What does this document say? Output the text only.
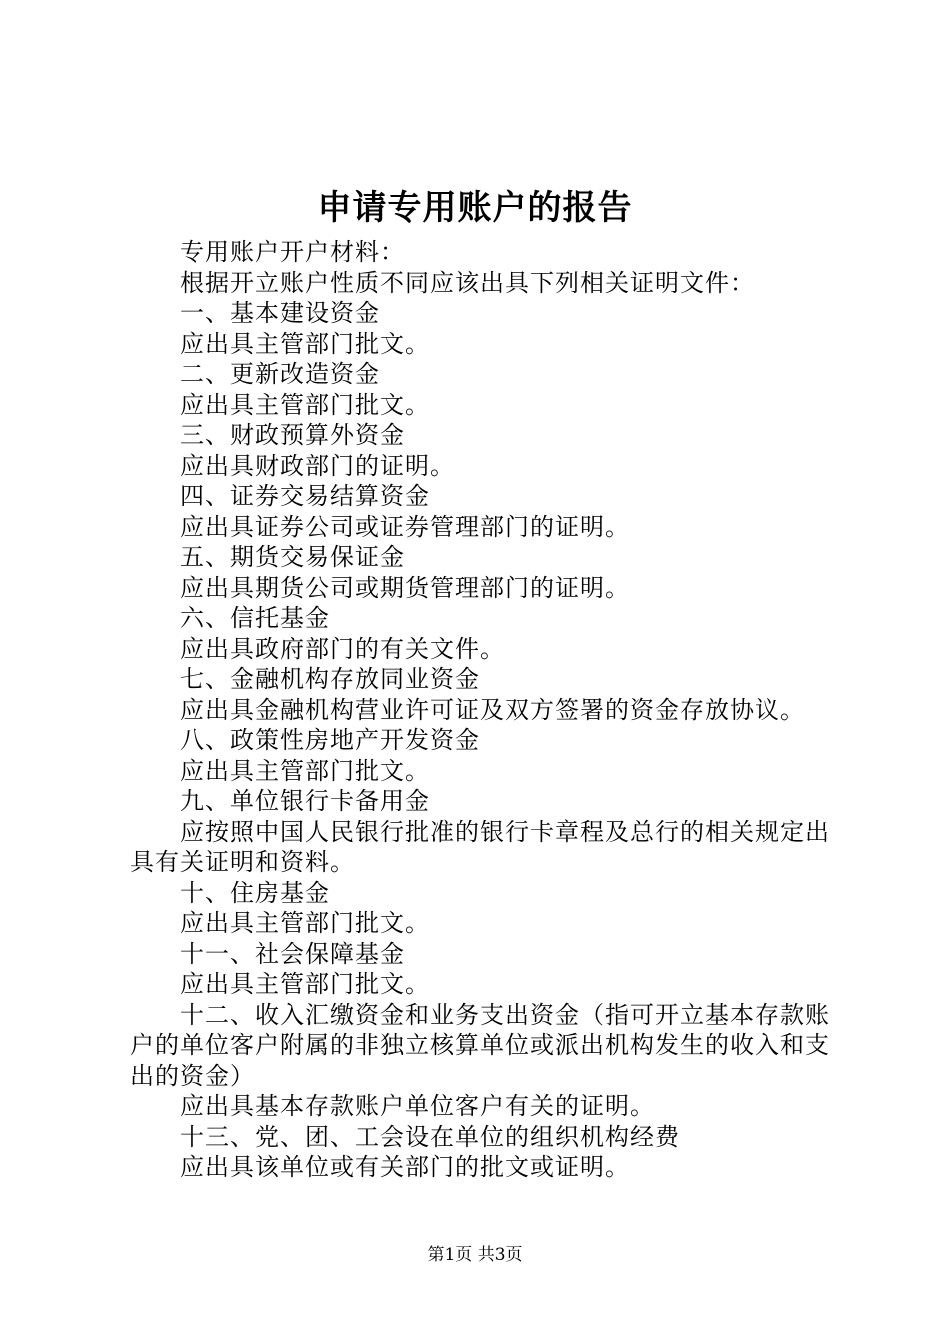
申请专用账户的报告

专用账户开户材料：

根据开立账户性质不同应该出具下列相关证明文件：

一、基本建设资金

应出具主管部门批文。

二、更新改造资金

应出具主管部门批文。

三、财政预算外资金

应出具财政部门的证明。

四、证券交易结算资金

应出具证券公司或证券管理部门的证明。

五、期货交易保证金

应出具期货公司或期货管理部门的证明。

六、信托基金

应出具政府部门的有关文件。

七、金融机构存放同业资金

应出具金融机构营业许可证及双方签署的资金存放协议。

八、政策性房地产开发资金

应出具主管部门批文。

九、单位银行卡备用金

应按照中国人民银行批准的银行卡章程及总行的相关规定出具有关证明和资料。

十、住房基金

应出具主管部门批文。

十一、社会保障基金

应出具主管部门批文。

十二、收入汇缴资金和业务支出资金（指可开立基本存款账户的单位客户附属的非独立核算单位或派出机构发生的收入和支出的资金）

应出具基本存款账户单位客户有关的证明。

十三、党、团、工会设在单位的组织机构经费

应出具该单位或有关部门的批文或证明。

第1页 共3页
